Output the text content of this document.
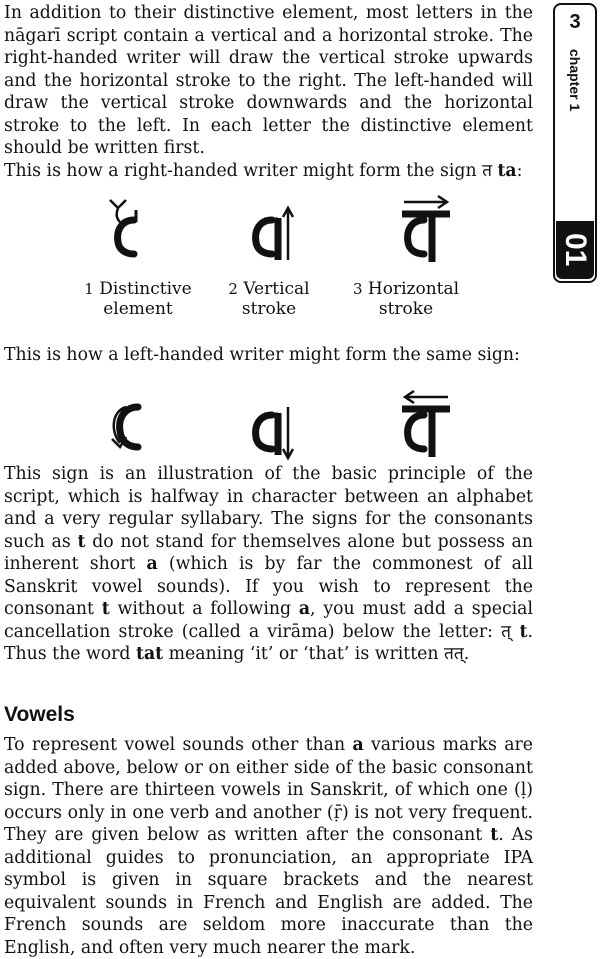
In addition to their distinctive element, most letters in the nāgarī script contain a vertical and a horizontal stroke. The right-handed writer will draw the vertical stroke upwards and the horizontal stroke to the right. The left-handed will draw the vertical stroke downwards and the horizontal stroke to the left. In each letter the distinctive element should be written first.

This is how a right-handed writer might form the sign त ta:

1 Distinctive
element
2 Vertical
stroke
3 Horizontal
stroke

This is how a left-handed writer might form the same sign:

This sign is an illustration of the basic principle of the script, which is halfway in character between an alphabet and a very regular syllabary. The signs for the consonants such as t do not stand for themselves alone but possess an inherent short a (which is by far the commonest of all Sanskrit vowel sounds). If you wish to represent the consonant t without a following a, you must add a special cancellation stroke (called a virāma) below the letter: त् t. Thus the word tat meaning ‘it’ or ‘that’ is written तत्.

Vowels

To represent vowel sounds other than a various marks are added above, below or on either side of the basic consonant sign. There are thirteen vowels in Sanskrit, of which one (ḷ) occurs only in one verb and another (ṝ) is not very frequent. They are given below as written after the consonant t. As additional guides to pronunciation, an appropriate IPA symbol is given in square brackets and the nearest equivalent sounds in French and English are added. The French sounds are seldom more inaccurate than the English, and often very much nearer the mark.

3
chapter 1
01
